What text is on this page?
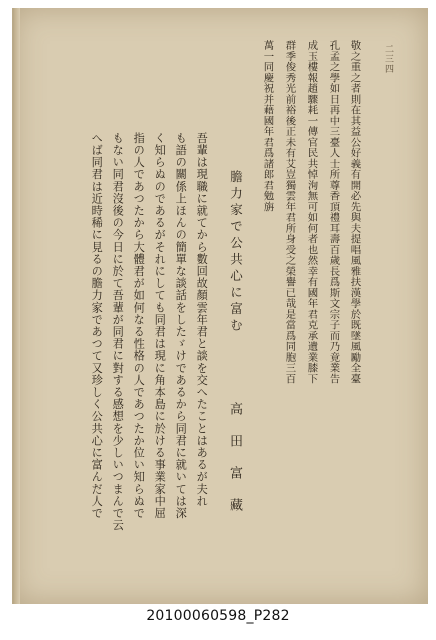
二三四
敬之重之者則在其益公好義有開必先與夫提唱風雅扶漢學於既墜風勵全臺
孔孟之學如日再中三臺人士所尊香頂禮耳壽百歲長爲斯文宗子而乃竟業告
成玉樓報趙驟耗一傳官民共悼洵無可如何者也然幸有國年君克承遺業膝下
群季俊秀光前裕後正未有艾豈獨雲年君所身受之榮譽已哉是當爲同胞三百
萬一同慶祝并藉國年君爲諸郎君勉旃
膽力家で公共心に富む
高田富藏
吾輩は現職に就てから數回故顏雲年君と談を交へたことはあるが夫れ
も語の關係上ほんの簡單な談話をしたゞけであるから同君に就いては深
く知らぬのであるがそれにしても同君は現に角本島に於ける事業家中屈
指の人であつたから大體君が如何なる性格の人であつたか位い知らぬで
もない同君沒後の今日に於て吾輩が同君に對する感想を少しいつまんで云
へば同君は近時稀に見るの膽力家であつて又珍しく公共心に富んだ人で
20100060598_P282
